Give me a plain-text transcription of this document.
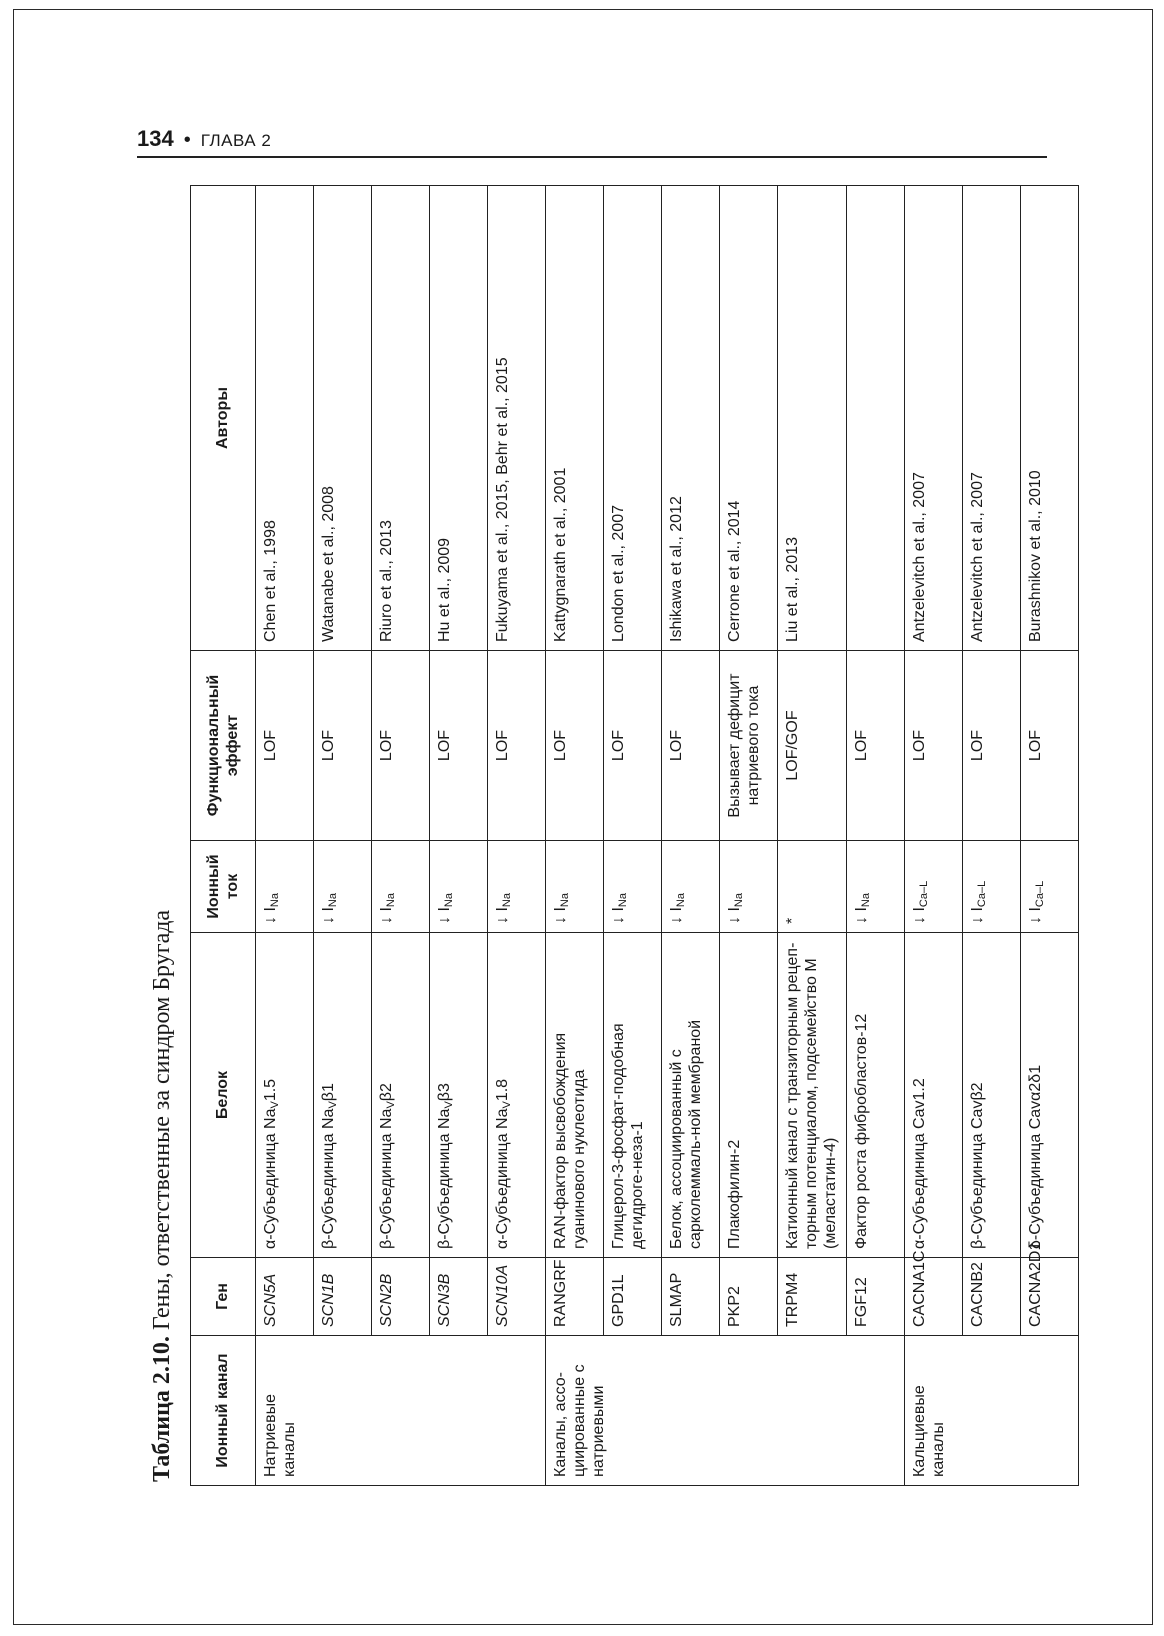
134 • ГЛАВА 2
Таблица 2.10.
Гены, ответственные за синдром Бругада
Ионный канал	Ген	Белок	Ионный ток	Функциональный эффект	Авторы
Натриевые каналы	SCN5A	α-Субъединица NaV1.5	↓ $I_{Na}$	LOF	Chen et al., 1998
	SCN1B	β-Субъединица NaVβ1	↓ $I_{Na}$	LOF	Watanabe et al., 2008
	SCN2B	β-Субъединица NaVβ2	↓ $I_{Na}$	LOF	Riuro et al., 2013
	SCN3B	β-Субъединица NaVβ3	↓ $I_{Na}$	LOF	Hu et al., 2009
	SCN10A	α-Субъединица NaV1.8	↓ $I_{Na}$	LOF	Fukuyama et al., 2015, Behr et al., 2015
Каналы, ассо-циированные с натриевыми	RANGRF	RAN-фактор высвобождения гуанинового нуклеотида	↓ $I_{Na}$	LOF	Kattygnarath et al., 2001
	GPD1L	Глицерол-3-фосфат-подобная дегидроге-неза-1	↓ $I_{Na}$	LOF	London et al., 2007
	SLMAP	Белок, ассоциированный с сарколеммаль-ной мембраной	↓ $I_{Na}$	LOF	Ishikawa et al., 2012
	PKP2	Плакофилин-2	↓ $I_{Na}$	Вызывает дефицит натриевого тока	Cerrone et al., 2014
	TRPM4	Катионный канал с транзиторным рецеп-торным потенциалом, подсемейство М (меластатин-4)	*	LOF/GOF	Liu et al., 2013
	FGF12	Фактор роста фибробластов-12	↓ $I_{Na}$	LOF	
Кальциевые каналы	CACNA1C	α-Субъединица Cav1.2	↓ $I_{Ca-L}$	LOF	Antzelevitch et al., 2007
	CACNB2	β-Субъединица Cavβ2	↓ $I_{Ca-L}$	LOF	Antzelevitch et al., 2007
	CACNA2D1	δ-Субъединица Cavα2δ1	↓ $I_{Ca-L}$	LOF	Burashnikov et al., 2010
